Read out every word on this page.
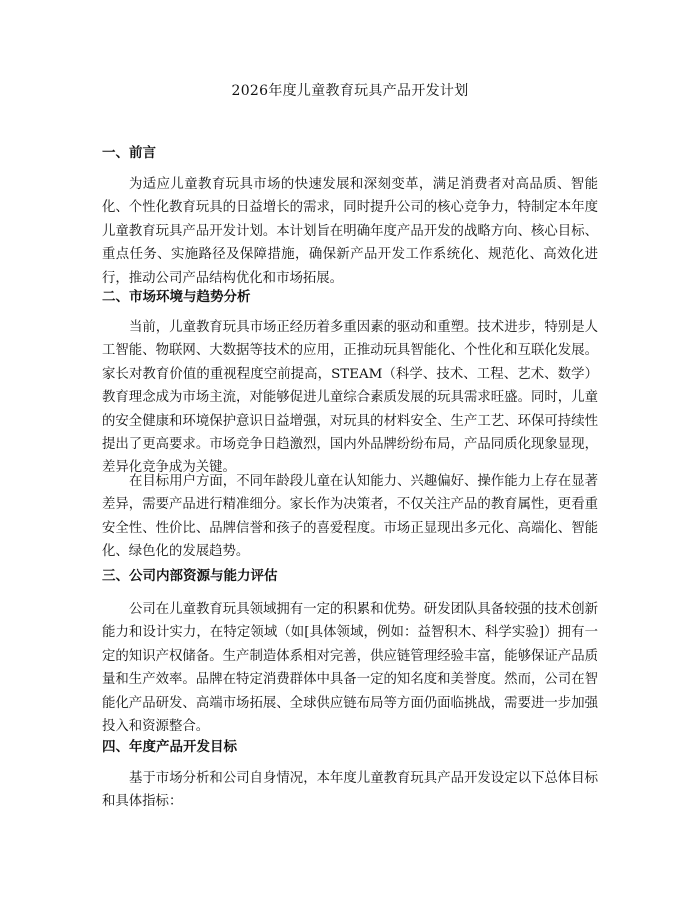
2026年度儿童教育玩具产品开发计划
一、前言

为适应儿童教育玩具市场的快速发展和深刻变革，满足消费者对高品质、智能化、个性化教育玩具的日益增长的需求，同时提升公司的核心竞争力，特制定本年度儿童教育玩具产品开发计划。本计划旨在明确年度产品开发的战略方向、核心目标、重点任务、实施路径及保障措施，确保新产品开发工作系统化、规范化、高效化进行，推动公司产品结构优化和市场拓展。

二、市场环境与趋势分析

当前，儿童教育玩具市场正经历着多重因素的驱动和重塑。技术进步，特别是人工智能、物联网、大数据等技术的应用，正推动玩具智能化、个性化和互联化发展。家长对教育价值的重视程度空前提高，STEAM（科学、技术、工程、艺术、数学）教育理念成为市场主流，对能够促进儿童综合素质发展的玩具需求旺盛。同时，儿童的安全健康和环境保护意识日益增强，对玩具的材料安全、生产工艺、环保可持续性提出了更高要求。市场竞争日趋激烈，国内外品牌纷纷布局，产品同质化现象显现，差异化竞争成为关键。

在目标用户方面，不同年龄段儿童在认知能力、兴趣偏好、操作能力上存在显著差异，需要产品进行精准细分。家长作为决策者，不仅关注产品的教育属性，更看重安全性、性价比、品牌信誉和孩子的喜爱程度。市场正显现出多元化、高端化、智能化、绿色化的发展趋势。

三、公司内部资源与能力评估

公司在儿童教育玩具领域拥有一定的积累和优势。研发团队具备较强的技术创新能力和设计实力，在特定领域（如[具体领域，例如：益智积木、科学实验]）拥有一定的知识产权储备。生产制造体系相对完善，供应链管理经验丰富，能够保证产品质量和生产效率。品牌在特定消费群体中具备一定的知名度和美誉度。然而，公司在智能化产品研发、高端市场拓展、全球供应链布局等方面仍面临挑战，需要进一步加强投入和资源整合。

四、年度产品开发目标

基于市场分析和公司自身情况，本年度儿童教育玩具产品开发设定以下总体目标和具体指标：
